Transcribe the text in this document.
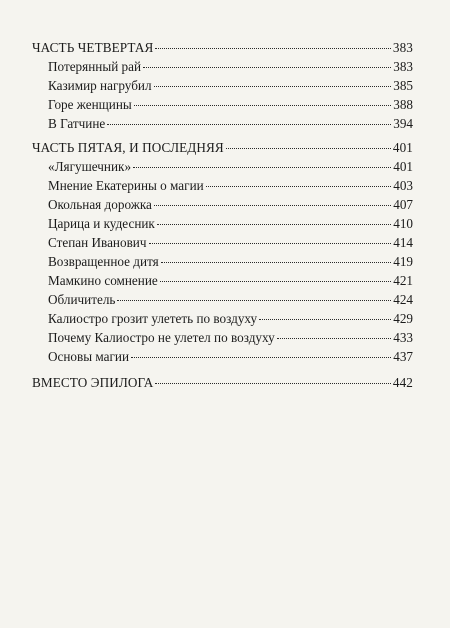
ЧАСТЬ ЧЕТВЕРТАЯ	383
Потерянный рай	383
Казимир нагрубил	385
Горе женщины	388
В Гатчине	394
ЧАСТЬ ПЯТАЯ, И ПОСЛЕДНЯЯ	401
«Лягушечник»	401
Мнение Екатерины о магии	403
Окольная дорожка	407
Царица и кудесник	410
Степан Иванович	414
Возвращенное дитя	419
Мамкино сомнение	421
Обличитель	424
Калиостро грозит улететь по воздуху	429
Почему Калиостро не улетел по воздуху	433
Основы магии	437
ВМЕСТО ЭПИЛОГА	442
